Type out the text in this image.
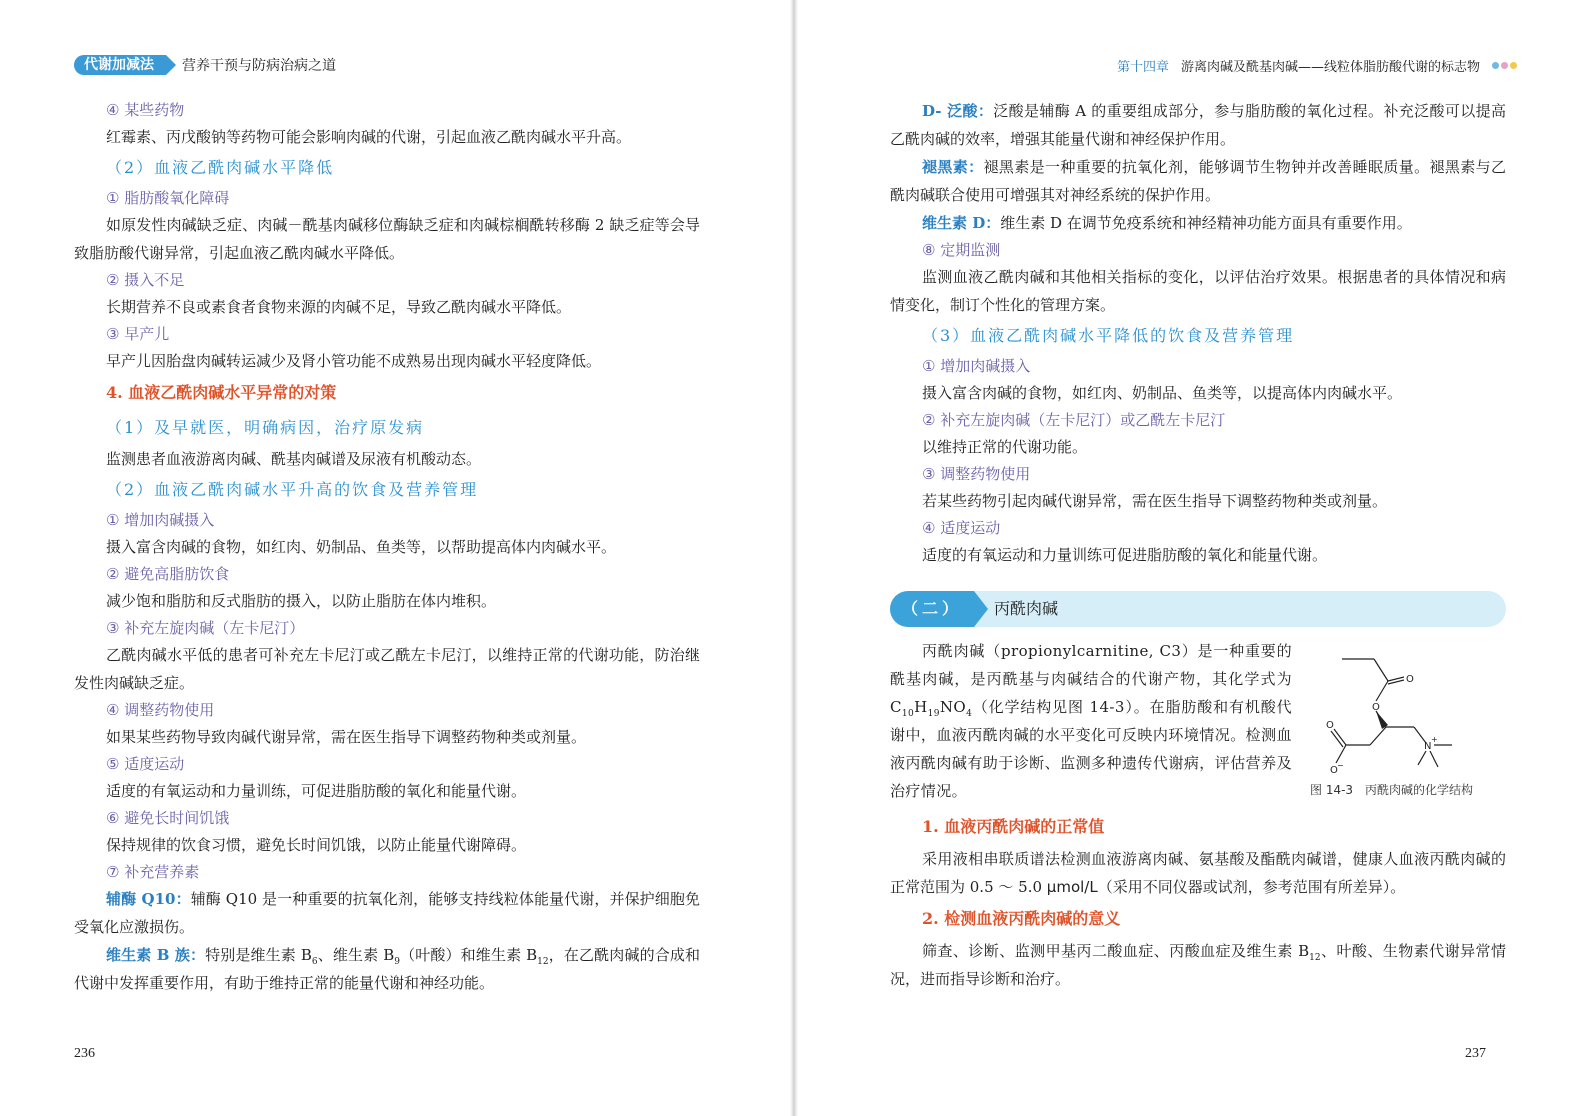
代谢加减法	营养干预与防病治病之道

④ 某些药物

红霉素、丙戊酸钠等药物可能会影响肉碱的代谢，引起血液乙酰肉碱水平升高。

（2）血液乙酰肉碱水平降低

① 脂肪酸氧化障碍

如原发性肉碱缺乏症、肉碱－酰基肉碱移位酶缺乏症和肉碱棕榈酰转移酶 2 缺乏症等会导致脂肪酸代谢异常，引起血液乙酰肉碱水平降低。

② 摄入不足

长期营养不良或素食者食物来源的肉碱不足，导致乙酰肉碱水平降低。

③ 早产儿

早产儿因胎盘肉碱转运减少及肾小管功能不成熟易出现肉碱水平轻度降低。

4. 血液乙酰肉碱水平异常的对策

（1）及早就医，明确病因，治疗原发病

监测患者血液游离肉碱、酰基肉碱谱及尿液有机酸动态。

（2）血液乙酰肉碱水平升高的饮食及营养管理

① 增加肉碱摄入

摄入富含肉碱的食物，如红肉、奶制品、鱼类等，以帮助提高体内肉碱水平。

② 避免高脂肪饮食

减少饱和脂肪和反式脂肪的摄入，以防止脂肪在体内堆积。

③ 补充左旋肉碱（左卡尼汀）

乙酰肉碱水平低的患者可补充左卡尼汀或乙酰左卡尼汀，以维持正常的代谢功能，防治继发性肉碱缺乏症。

④ 调整药物使用

如果某些药物导致肉碱代谢异常，需在医生指导下调整药物种类或剂量。

⑤ 适度运动

适度的有氧运动和力量训练，可促进脂肪酸的氧化和能量代谢。

⑥ 避免长时间饥饿

保持规律的饮食习惯，避免长时间饥饿，以防止能量代谢障碍。

⑦ 补充营养素

辅酶 Q10：辅酶 Q10 是一种重要的抗氧化剂，能够支持线粒体能量代谢，并保护细胞免受氧化应激损伤。

维生素 B 族：特别是维生素 $B_6$、维生素 $B_9$（叶酸）和维生素 $B_{12}$，在乙酰肉碱的合成和代谢中发挥重要作用，有助于维持正常的能量代谢和神经功能。

236
第十四章 游离肉碱及酰基肉碱——线粒体脂肪酸代谢的标志物

D- 泛酸：泛酸是辅酶 A 的重要组成部分，参与脂肪酸的氧化过程。补充泛酸可以提高乙酰肉碱的效率，增强其能量代谢和神经保护作用。

褪黑素：褪黑素是一种重要的抗氧化剂，能够调节生物钟并改善睡眠质量。褪黑素与乙酰肉碱联合使用可增强其对神经系统的保护作用。

维生素 D：维生素 D 在调节免疫系统和神经精神功能方面具有重要作用。

⑧ 定期监测

监测血液乙酰肉碱和其他相关指标的变化，以评估治疗效果。根据患者的具体情况和病情变化，制订个性化的管理方案。

（3）血液乙酰肉碱水平降低的饮食及营养管理

① 增加肉碱摄入

摄入富含肉碱的食物，如红肉、奶制品、鱼类等，以提高体内肉碱水平。

② 补充左旋肉碱（左卡尼汀）或乙酰左卡尼汀

以维持正常的代谢功能。

③ 调整药物使用

若某些药物引起肉碱代谢异常，需在医生指导下调整药物种类或剂量。

④ 适度运动

适度的有氧运动和力量训练可促进脂肪酸的氧化和能量代谢。

（二）	丙酰肉碱

丙酰肉碱（propionylcarnitine, C3）是一种重要的酰基肉碱，是丙酰基与肉碱结合的代谢产物，其化学式为 $C_{10}H_{19}NO_4$（化学结构见图 14-3）。在脂肪酸和有机酸代谢中，血液丙酰肉碱的水平变化可反映内环境情况。检测血液丙酰肉碱有助于诊断、监测多种遗传代谢病，评估营养及治疗情况。

O
O
O
O −
N
+
图 14-3　丙酰肉碱的化学结构

1. 血液丙酰肉碱的正常值

采用液相串联质谱法检测血液游离肉碱、氨基酸及酯酰肉碱谱，健康人血液丙酰肉碱的正常范围为 0.5 ～ 5.0 μmol/L（采用不同仪器或试剂，参考范围有所差异）。

2. 检测血液丙酰肉碱的意义

筛查、诊断、监测甲基丙二酸血症、丙酸血症及维生素 $B_{12}$、叶酸、生物素代谢异常情况，进而指导诊断和治疗。

237
